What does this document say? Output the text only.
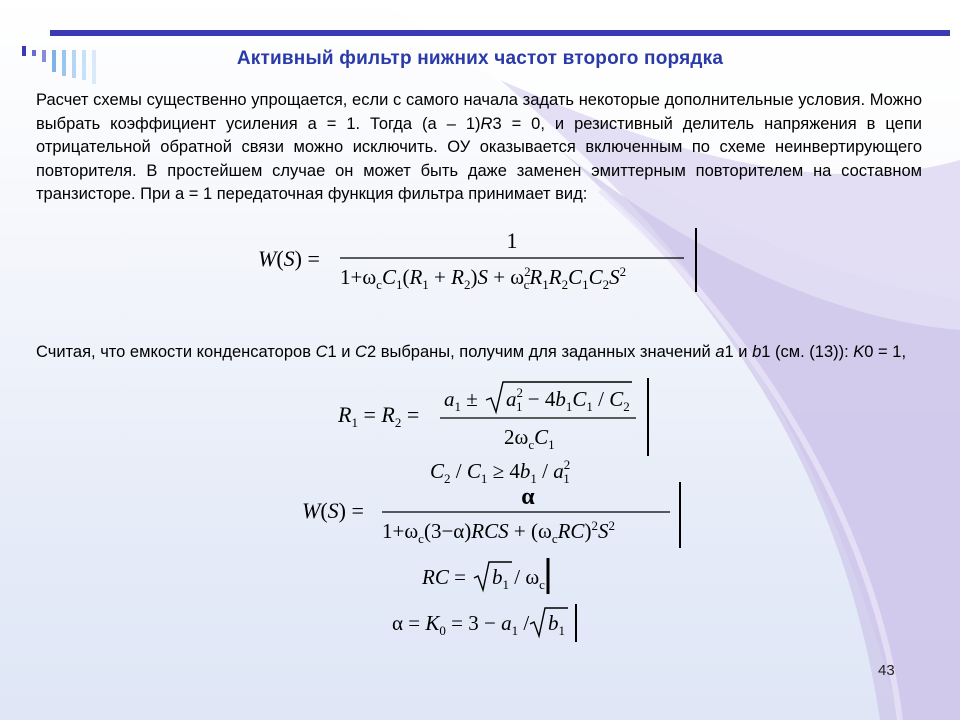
Активный фильтр нижних частот второго порядка
Расчет схемы существенно упрощается, если с самого начала задать некоторые дополнительные условия. Можно выбрать коэффициент усиления а = 1. Тогда (а – 1)R3 = 0, и резистивный делитель напряжения в цепи отрицательной обратной связи можно исключить. ОУ оказывается включенным по схеме неинвертирующего повторителя. В простейшем случае он может быть даже заменен эмиттерным повторителем на составном транзисторе. При а = 1 передаточная функция фильтра принимает вид:
W(S) =
1
$1+\omega_cC_1(R_1 + R_2)S + \omega^2$ $cR_1R_2C_1C_2S^2$
Считая, что емкости конденсаторов C1 и C2 выбраны, получим для заданных значений a1 и b1 (см. (13)): K0 = 1,
$R_1 = R_2$ =
$a_1 \pm a^2$ $1 - 4b_1C_1 / C_2$
$2\omega_cC_1$
$C_2 / C_1 \ge 4b_1 / a^2$ 1
W(S) =
α
$1+\omega_c(3-\alpha)RCS + (\omega_cRC)^2S^2$
RC = $b_1 / \omega_c$
$\alpha = K_0 = 3 - a_1 / b_1$
43
